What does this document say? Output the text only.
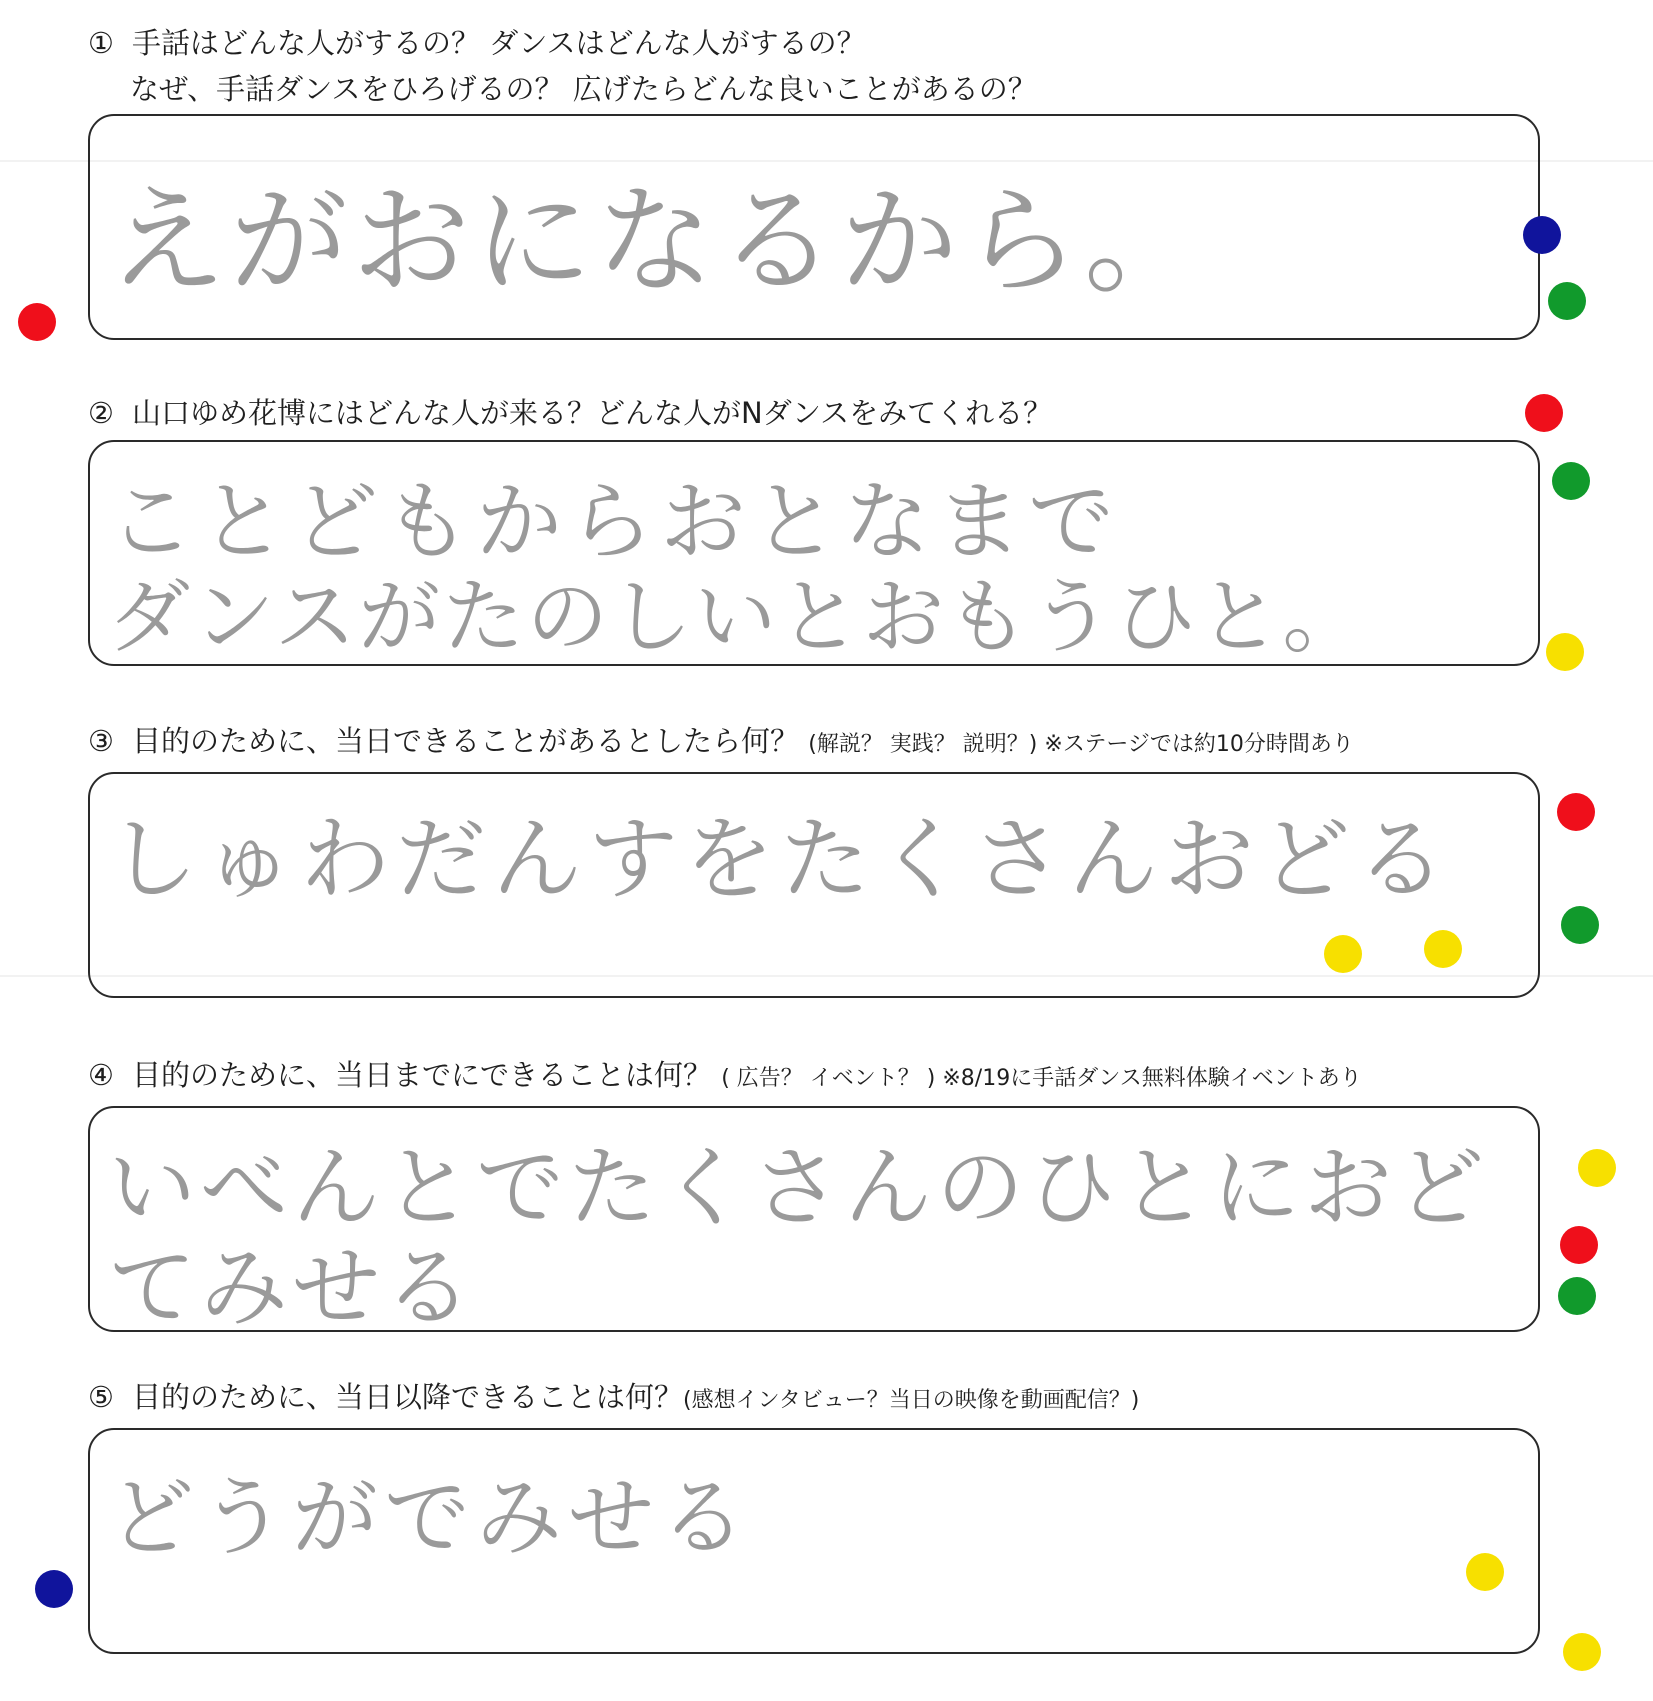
① 手話はどんな人がするの？ ダンスはどんな人がするの？
なぜ、手話ダンスをひろげるの？ 広げたらどんな良いことがあるの？
えがおになるから。
② 山口ゆめ花博にはどんな人が来る？どんな人がNダンスをみてくれる？
ことどもからおとなまで
ダンスがたのしいとおもうひと。
③ 目的のために、当日できることがあるとしたら何？ (解説？ 実践？ 説明？) ※ステージでは約10分時間あり
しゅわだんすをたくさんおどる
④ 目的のために、当日までにできることは何？ ( 広告？ イベント？ ) ※8/19に手話ダンス無料体験イベントあり
いべんとでたくさんのひとにおど
てみせる
⑤ 目的のために、当日以降できることは何？(感想インタビュー？当日の映像を動画配信？)
どうがでみせる
